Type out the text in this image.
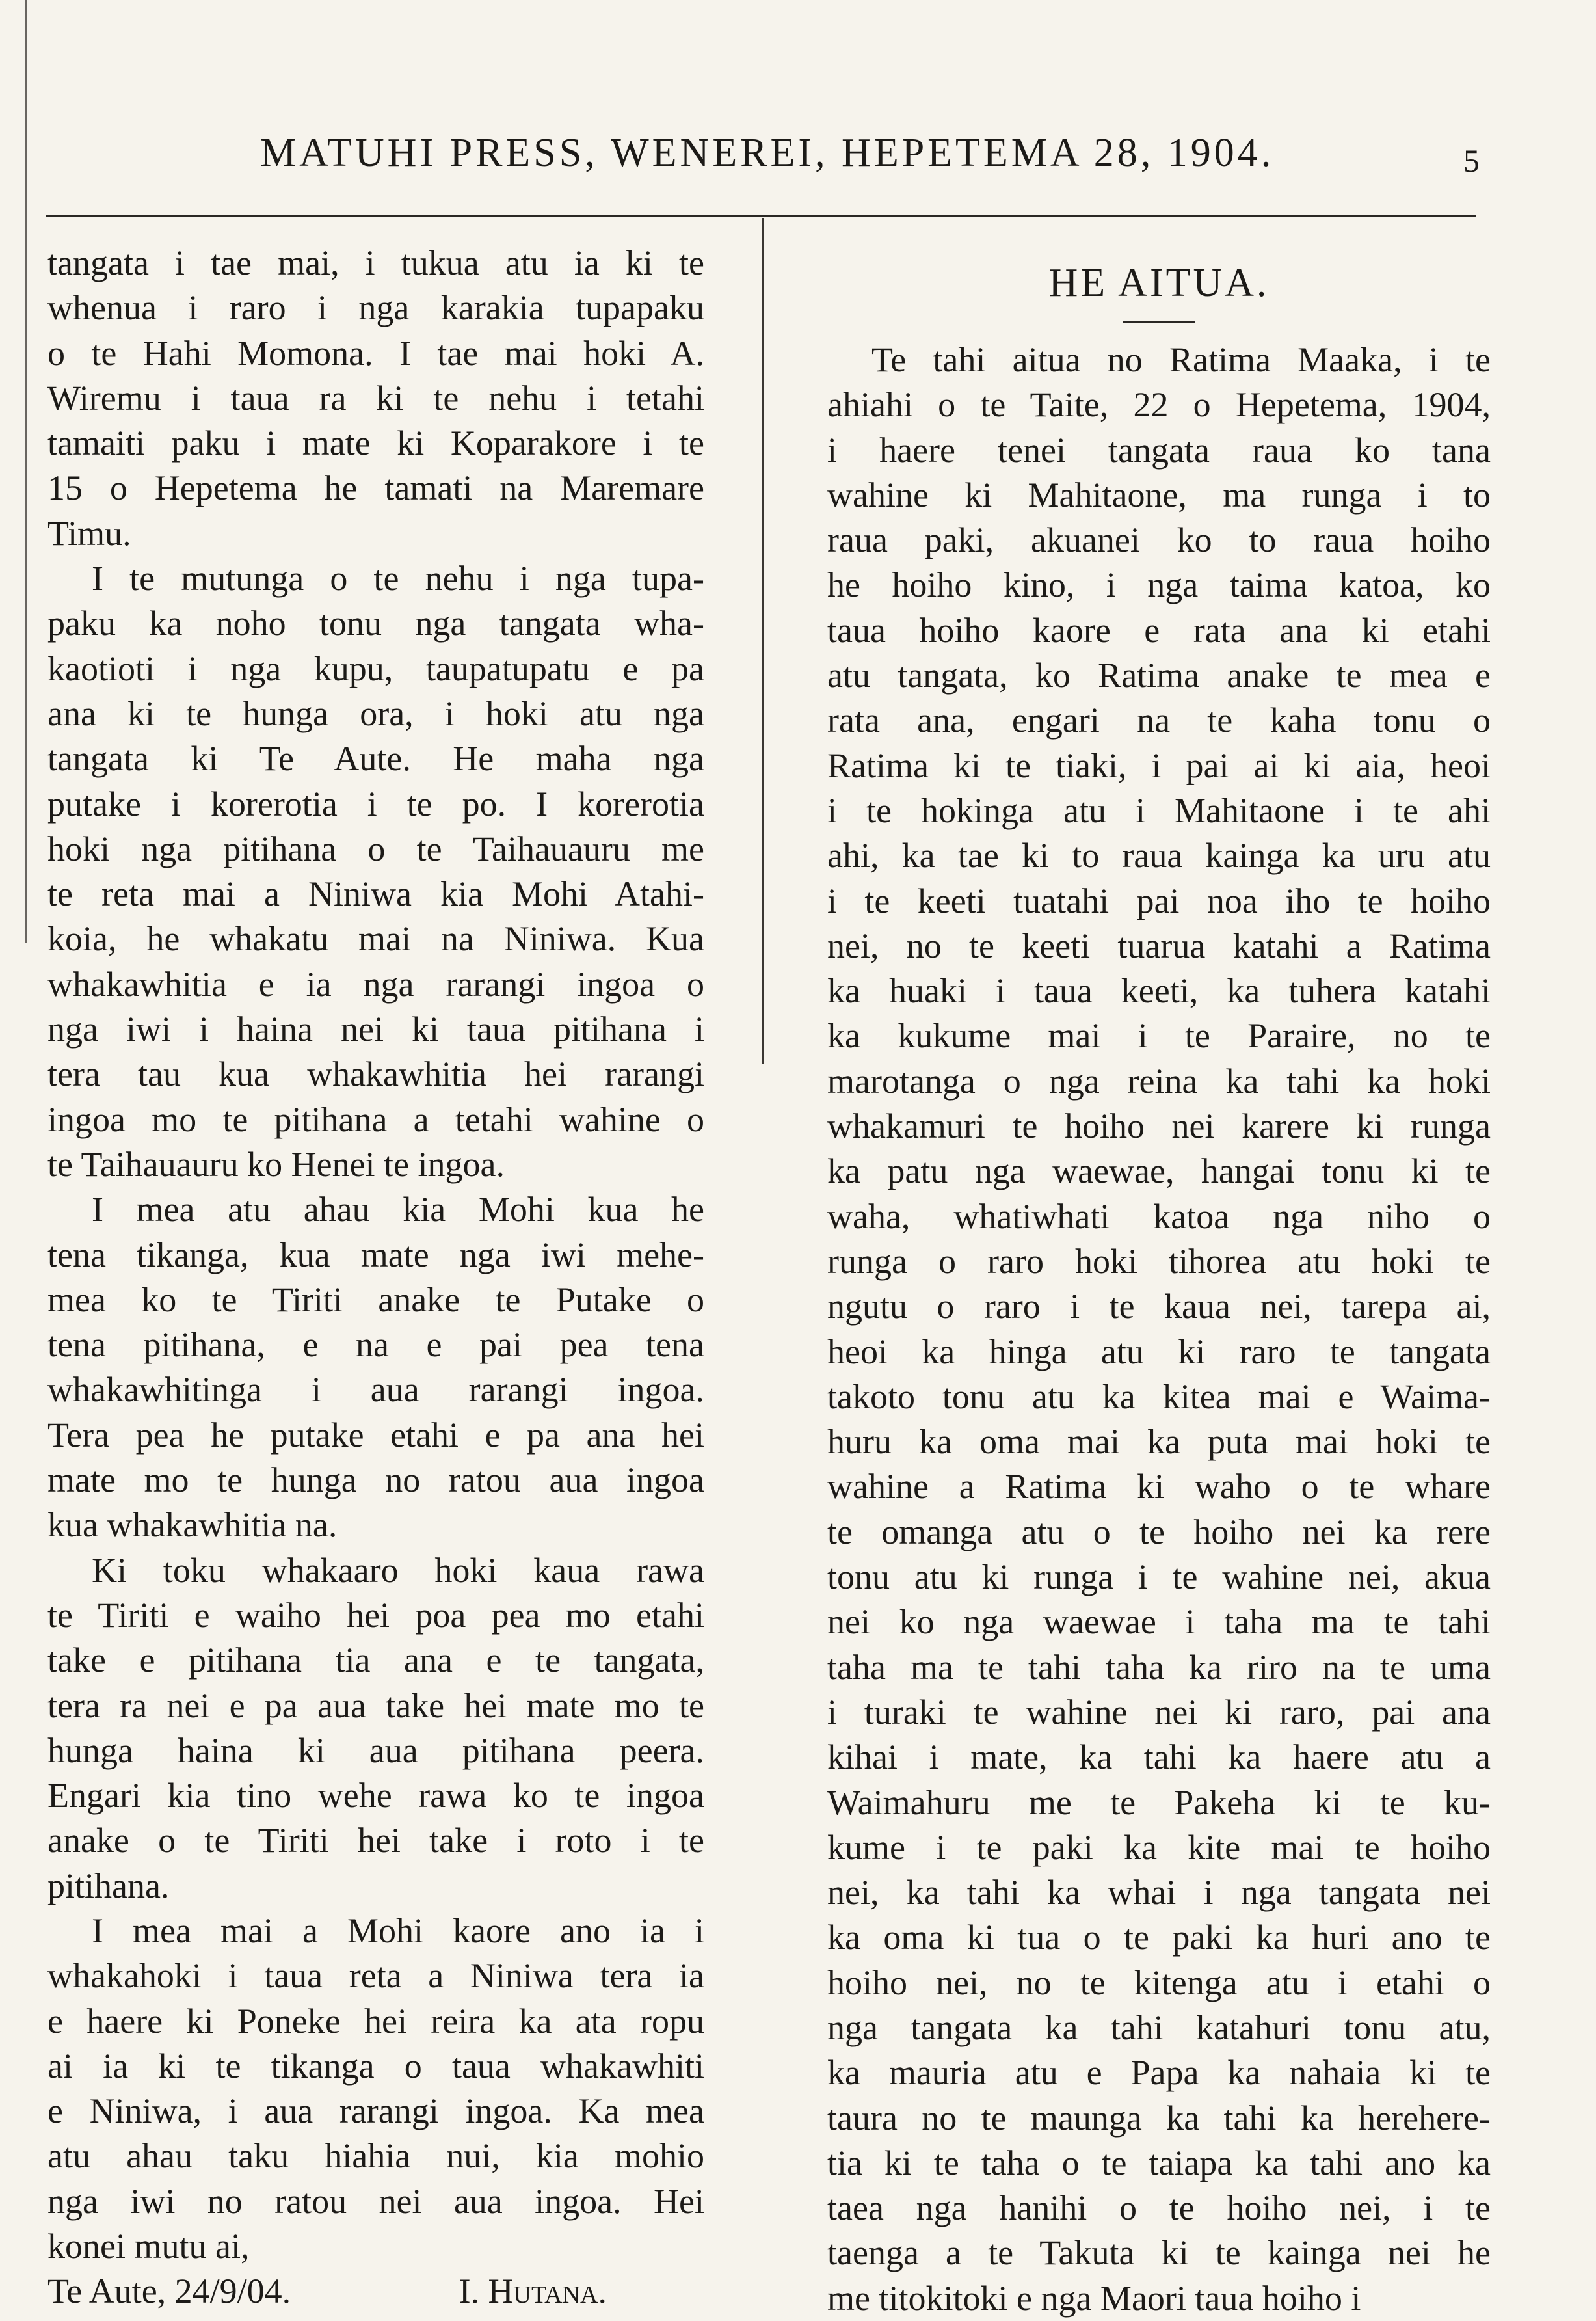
MATUHI PRESS, WENEREI, HEPETEMA 28, 1904.	5
tangata i tae mai, i tukua atu ia ki te
whenua i raro i nga karakia tupapaku
o te Hahi Momona. I tae mai hoki A.
Wiremu i taua ra ki te nehu i tetahi
tamaiti paku i mate ki Koparakore i te
15 o Hepetema he tamati na Maremare
Timu.
I te mutunga o te nehu i nga tupa-
paku ka noho tonu nga tangata wha-
kaotioti i nga kupu, taupatupatu e pa
ana ki te hunga ora, i hoki atu nga
tangata ki Te Aute. He maha nga
putake i korerotia i te po. I korerotia
hoki nga pitihana o te Taihauauru me
te reta mai a Niniwa kia Mohi Atahi-
koia, he whakatu mai na Niniwa. Kua
whakawhitia e ia nga rarangi ingoa o
nga iwi i haina nei ki taua pitihana i
tera tau kua whakawhitia hei rarangi
ingoa mo te pitihana a tetahi wahine o
te Taihauauru ko Henei te ingoa.
I mea atu ahau kia Mohi kua he
tena tikanga, kua mate nga iwi mehe-
mea ko te Tiriti anake te Putake o
tena pitihana, e na e pai pea tena
whakawhitinga i aua rarangi ingoa.
Tera pea he putake etahi e pa ana hei
mate mo te hunga no ratou aua ingoa
kua whakawhitia na.
Ki toku whakaaro hoki kaua rawa
te Tiriti e waiho hei poa pea mo etahi
take e pitihana tia ana e te tangata,
tera ra nei e pa aua take hei mate mo te
hunga haina ki aua pitihana peera.
Engari kia tino wehe rawa ko te ingoa
anake o te Tiriti hei take i roto i te
pitihana.
I mea mai a Mohi kaore ano ia i
whakahoki i taua reta a Niniwa tera ia
e haere ki Poneke hei reira ka ata ropu
ai ia ki te tikanga o taua whakawhiti
e Niniwa, i aua rarangi ingoa. Ka mea
atu ahau taku hiahia nui, kia mohio
nga iwi no ratou nei aua ingoa. Hei
konei mutu ai,
Te Aute, 24/9/04.	I. Hutana.
HE AITUA.
Te tahi aitua no Ratima Maaka, i te
ahiahi o te Taite, 22 o Hepetema, 1904,
i haere tenei tangata raua ko tana
wahine ki Mahitaone, ma runga i to
raua paki, akuanei ko to raua hoiho
he hoiho kino, i nga taima katoa, ko
taua hoiho kaore e rata ana ki etahi
atu tangata, ko Ratima anake te mea e
rata ana, engari na te kaha tonu o
Ratima ki te tiaki, i pai ai ki aia, heoi
i te hokinga atu i Mahitaone i te ahi
ahi, ka tae ki to raua kainga ka uru atu
i te keeti tuatahi pai noa iho te hoiho
nei, no te keeti tuarua katahi a Ratima
ka huaki i taua keeti, ka tuhera katahi
ka kukume mai i te Paraire, no te
marotanga o nga reina ka tahi ka hoki
whakamuri te hoiho nei karere ki runga
ka patu nga waewae, hangai tonu ki te
waha, whatiwhati katoa nga niho o
runga o raro hoki tihorea atu hoki te
ngutu o raro i te kaua nei, tarepa ai,
heoi ka hinga atu ki raro te tangata
takoto tonu atu ka kitea mai e Waima-
huru ka oma mai ka puta mai hoki te
wahine a Ratima ki waho o te whare
te omanga atu o te hoiho nei ka rere
tonu atu ki runga i te wahine nei, akua
nei ko nga waewae i taha ma te tahi
taha ma te tahi taha ka riro na te uma
i turaki te wahine nei ki raro, pai ana
kihai i mate, ka tahi ka haere atu a
Waimahuru me te Pakeha ki te ku-
kume i te paki ka kite mai te hoiho
nei, ka tahi ka whai i nga tangata nei
ka oma ki tua o te paki ka huri ano te
hoiho nei, no te kitenga atu i etahi o
nga tangata ka tahi katahuri tonu atu,
ka mauria atu e Papa ka nahaia ki te
taura no te maunga ka tahi ka herehere-
tia ki te taha o te taiapa ka tahi ano ka
taea nga hanihi o te hoiho nei, i te
taenga a te Takuta ki te kainga nei he
me titokitoki e nga Maori taua hoiho i
